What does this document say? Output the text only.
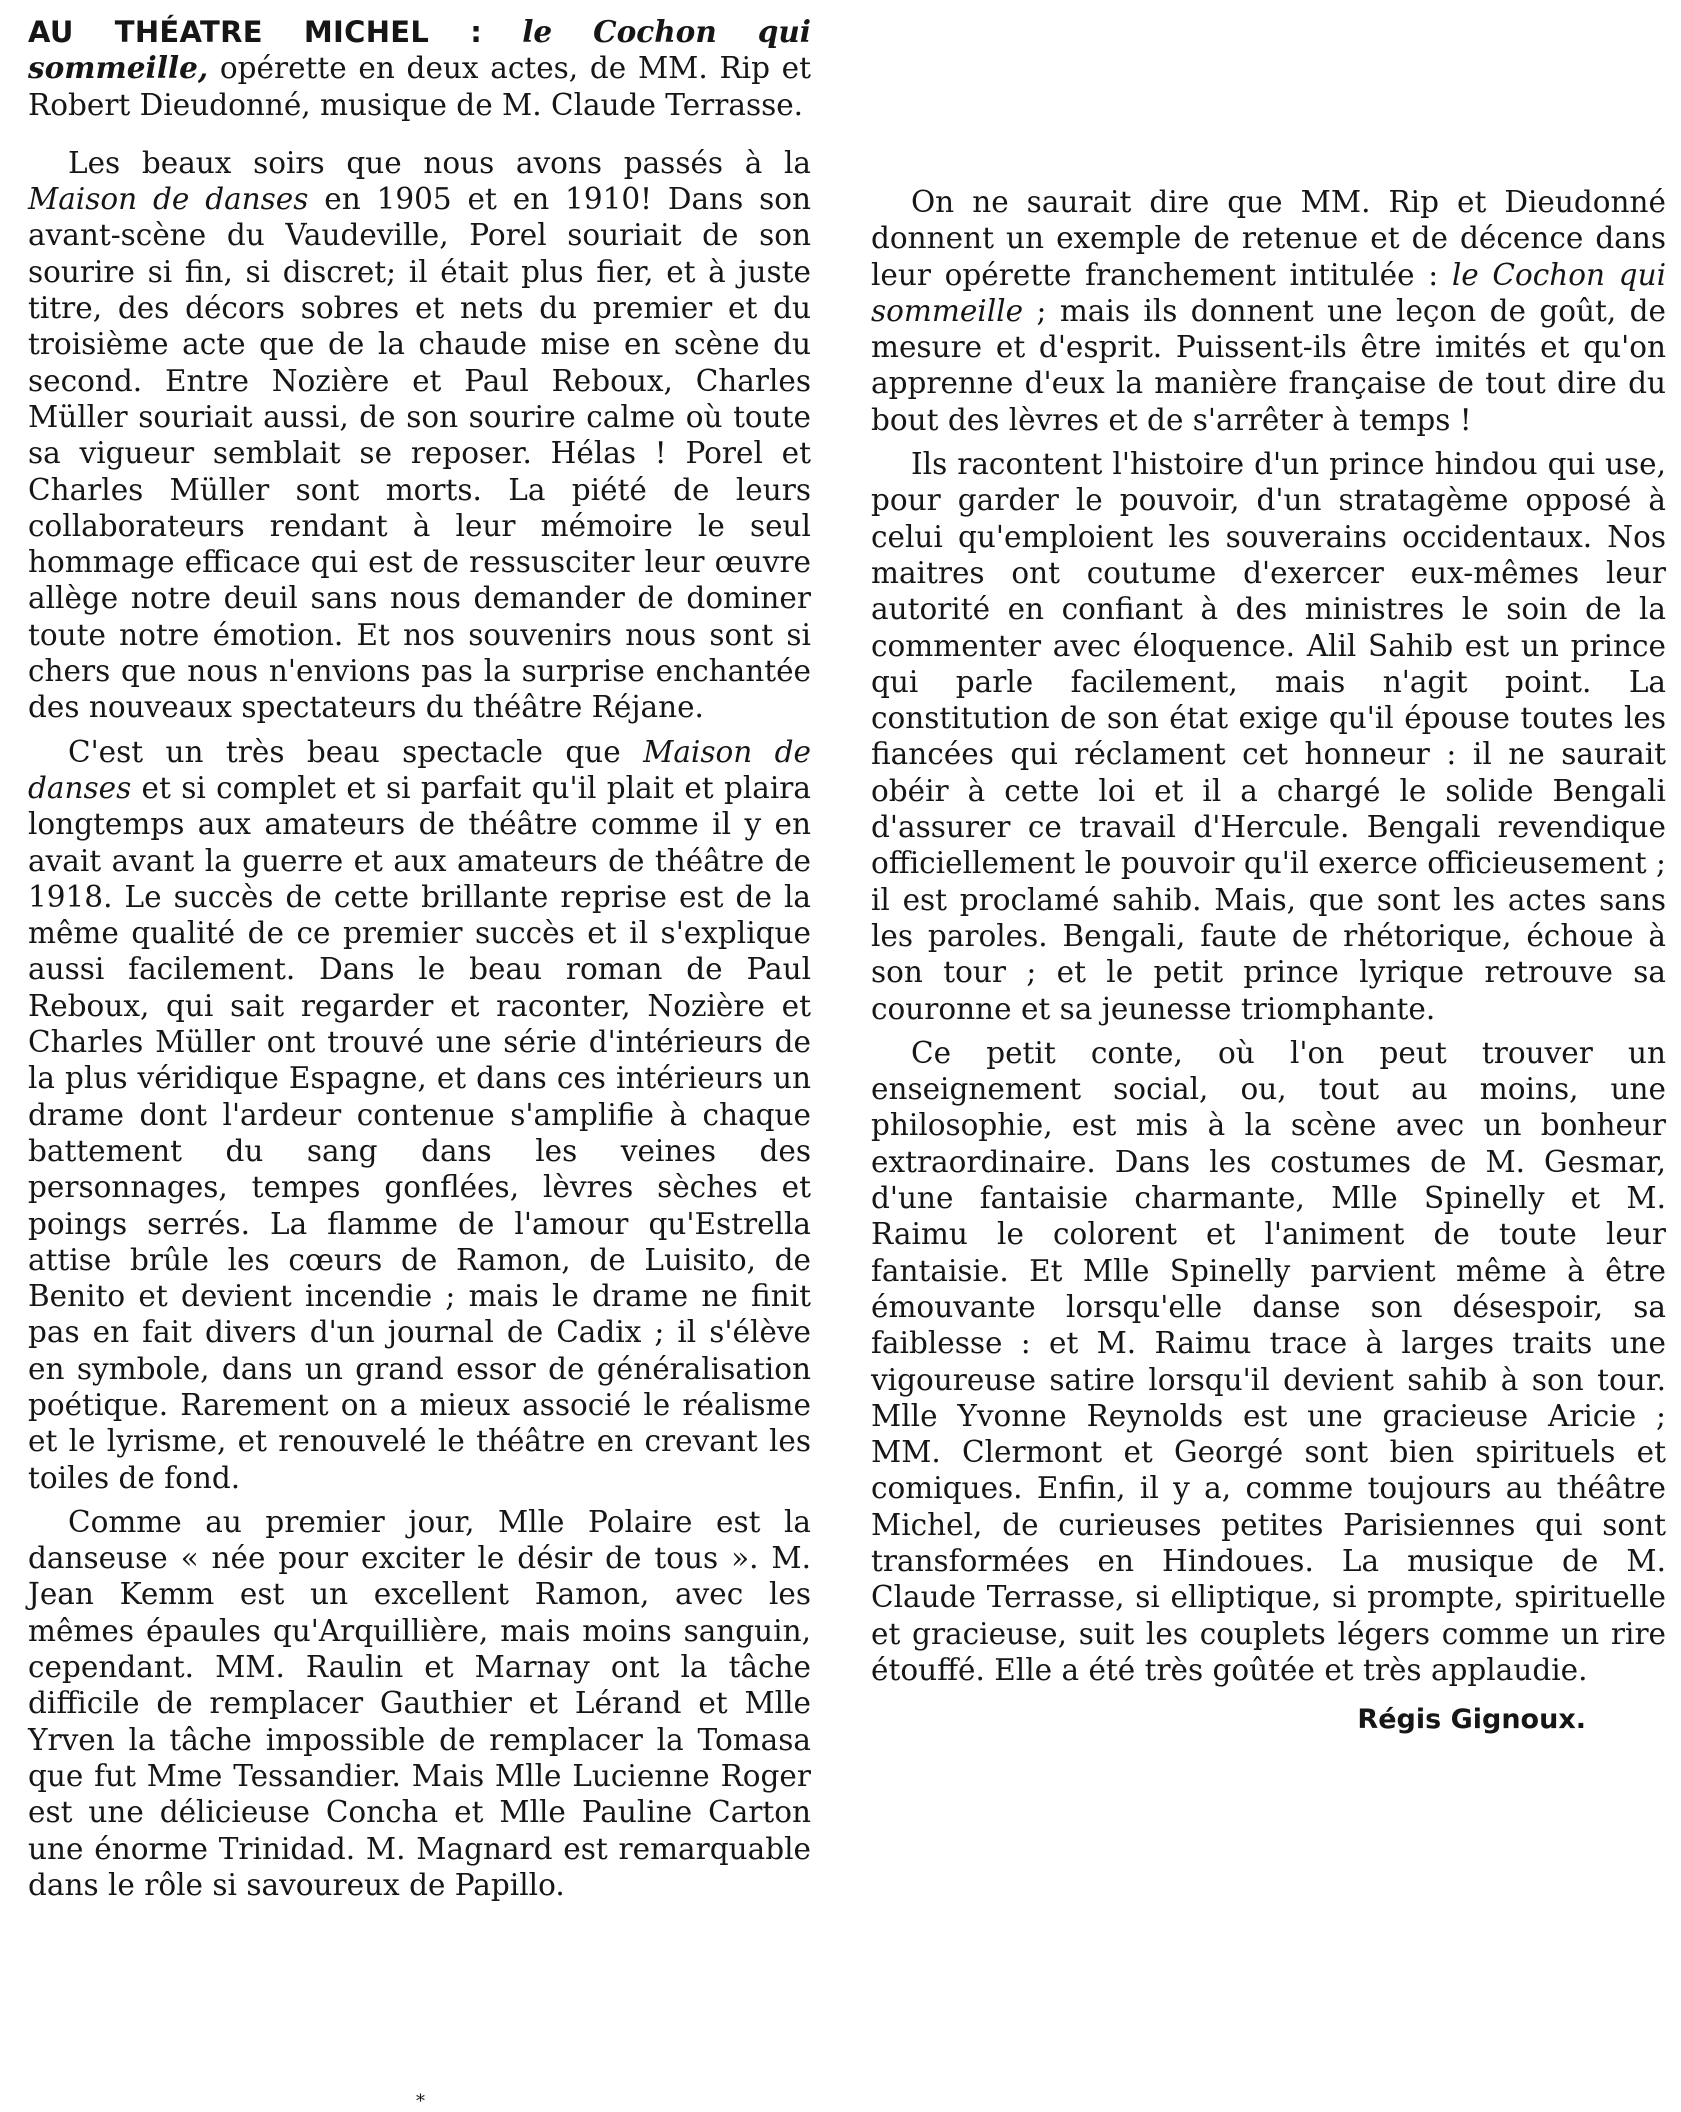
AU THÉATRE MICHEL : le Cochon qui sommeille, opérette en deux actes, de MM. Rip et Robert Dieudonné, musique de M. Claude Terrasse.

Les beaux soirs que nous avons passés à la Maison de danses en 1905 et en 1910! Dans son avant-scène du Vaudeville, Porel souriait de son sourire si fin, si discret; il était plus fier, et à juste titre, des décors sobres et nets du premier et du troisième acte que de la chaude mise en scène du second. Entre Nozière et Paul Reboux, Charles Müller souriait aussi, de son sourire calme où toute sa vigueur semblait se reposer. Hélas ! Porel et Charles Müller sont morts. La piété de leurs collaborateurs rendant à leur mémoire le seul hommage efficace qui est de ressusciter leur œuvre allège notre deuil sans nous demander de dominer toute notre émotion. Et nos souvenirs nous sont si chers que nous n'envions pas la surprise enchantée des nouveaux spectateurs du théâtre Réjane.

C'est un très beau spectacle que Maison de danses et si complet et si parfait qu'il plait et plaira longtemps aux amateurs de théâtre comme il y en avait avant la guerre et aux amateurs de théâtre de 1918. Le succès de cette brillante reprise est de la même qualité de ce premier succès et il s'explique aussi facilement. Dans le beau roman de Paul Reboux, qui sait regarder et raconter, Nozière et Charles Müller ont trouvé une série d'intérieurs de la plus véridique Espagne, et dans ces intérieurs un drame dont l'ardeur contenue s'amplifie à chaque battement du sang dans les veines des personnages, tempes gonflées, lèvres sèches et poings serrés. La flamme de l'amour qu'Estrella attise brûle les cœurs de Ramon, de Luisito, de Benito et devient incendie ; mais le drame ne finit pas en fait divers d'un journal de Cadix ; il s'élève en symbole, dans un grand essor de généralisation poétique. Rarement on a mieux associé le réalisme et le lyrisme, et renouvelé le théâtre en crevant les toiles de fond.

Comme au premier jour, Mlle Polaire est la danseuse « née pour exciter le désir de tous ». M. Jean Kemm est un excellent Ramon, avec les mêmes épaules qu'Arquillière, mais moins sanguin, cependant. MM. Raulin et Marnay ont la tâche difficile de remplacer Gauthier et Lérand et Mlle Yrven la tâche impossible de remplacer la Tomasa que fut Mme Tessandier. Mais Mlle Lucienne Roger est une délicieuse Concha et Mlle Pauline Carton une énorme Trinidad. M. Magnard est remarquable dans le rôle si savoureux de Papillo.

On ne saurait dire que MM. Rip et Dieudonné donnent un exemple de retenue et de décence dans leur opérette franchement intitulée : le Cochon qui sommeille ; mais ils donnent une leçon de goût, de mesure et d'esprit. Puissent-ils être imités et qu'on apprenne d'eux la manière française de tout dire du bout des lèvres et de s'arrêter à temps !

Ils racontent l'histoire d'un prince hindou qui use, pour garder le pouvoir, d'un stratagème opposé à celui qu'emploient les souverains occidentaux. Nos maitres ont coutume d'exercer eux-mêmes leur autorité en confiant à des ministres le soin de la commenter avec éloquence. Alil Sahib est un prince qui parle facilement, mais n'agit point. La constitution de son état exige qu'il épouse toutes les fiancées qui réclament cet honneur : il ne saurait obéir à cette loi et il a chargé le solide Bengali d'assurer ce travail d'Hercule. Bengali revendique officiellement le pouvoir qu'il exerce officieusement ; il est proclamé sahib. Mais, que sont les actes sans les paroles. Bengali, faute de rhétorique, échoue à son tour ; et le petit prince lyrique retrouve sa couronne et sa jeunesse triomphante.

Ce petit conte, où l'on peut trouver un enseignement social, ou, tout au moins, une philosophie, est mis à la scène avec un bonheur extraordinaire. Dans les costumes de M. Gesmar, d'une fantaisie charmante, Mlle Spinelly et M. Raimu le colorent et l'animent de toute leur fantaisie. Et Mlle Spinelly parvient même à être émouvante lorsqu'elle danse son désespoir, sa faiblesse : et M. Raimu trace à larges traits une vigoureuse satire lorsqu'il devient sahib à son tour. Mlle Yvonne Reynolds est une gracieuse Aricie ; MM. Clermont et Georgé sont bien spirituels et comiques. Enfin, il y a, comme toujours au théâtre Michel, de curieuses petites Parisiennes qui sont transformées en Hindoues. La musique de M. Claude Terrasse, si elliptique, si prompte, spirituelle et gracieuse, suit les couplets légers comme un rire étouffé. Elle a été très goûtée et très applaudie.

Régis Gignoux.
*
